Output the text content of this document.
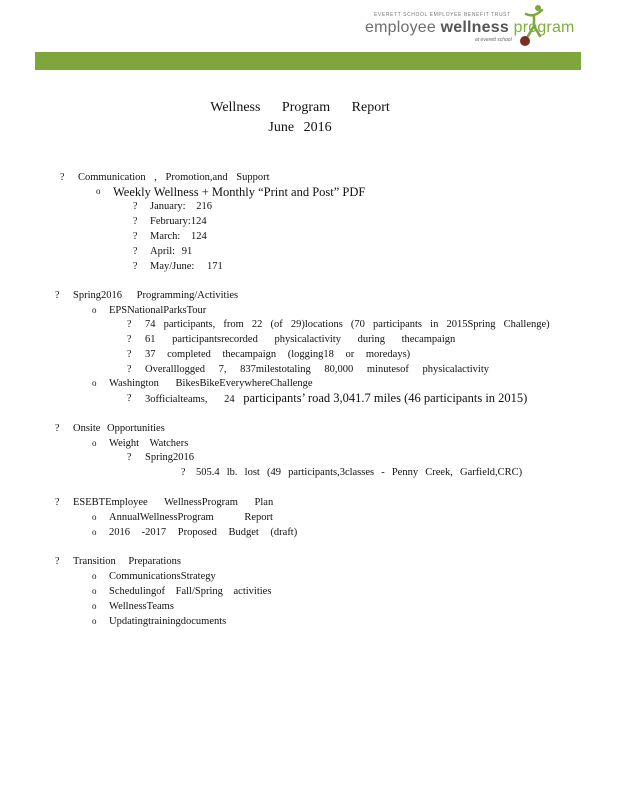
EVERETT SCHOOL EMPLOYEE BENEFIT TRUST
employee wellness program
at everett school
Wellness Program Report
June 2016
? Communication , Promotion,and Support
o Weekly Wellness + Monthly “Print and Post” PDF
? January: 216
? February:124
? March: 124
? April: 91
? May/June: 171
? Spring2016 Programming/Activities
o	EPSNationalParksTour
? 74 participants, from 22 (of 29)locations (70 participants in 2015Spring Challenge)
? 61 participantsrecorded physicalactivity during thecampaign
? 37 completed thecampaign (logging18 or moredays)
? Overalllogged 7, 837milestotaling 80,000 minutesof physicalactivity
o	Washington BikesBikeEverywhereChallenge
? 3officialteams, 24 participants’ road 3,041.7 miles (46 participants in 2015)
? Onsite Opportunities
o	Weight Watchers
? Spring2016
? 505.4 lb. lost (49 participants,3classes - Penny Creek, Garfield,CRC)
? ESEBTEmployee WellnessProgram Plan
o	AnnualWellnessProgram Report
o	2016 -2017 Proposed Budget (draft)
? Transition Preparations
o	CommunicationsStrategy
o	Schedulingof Fall/Spring activities
o	WellnessTeams
o	Updatingtrainingdocuments
